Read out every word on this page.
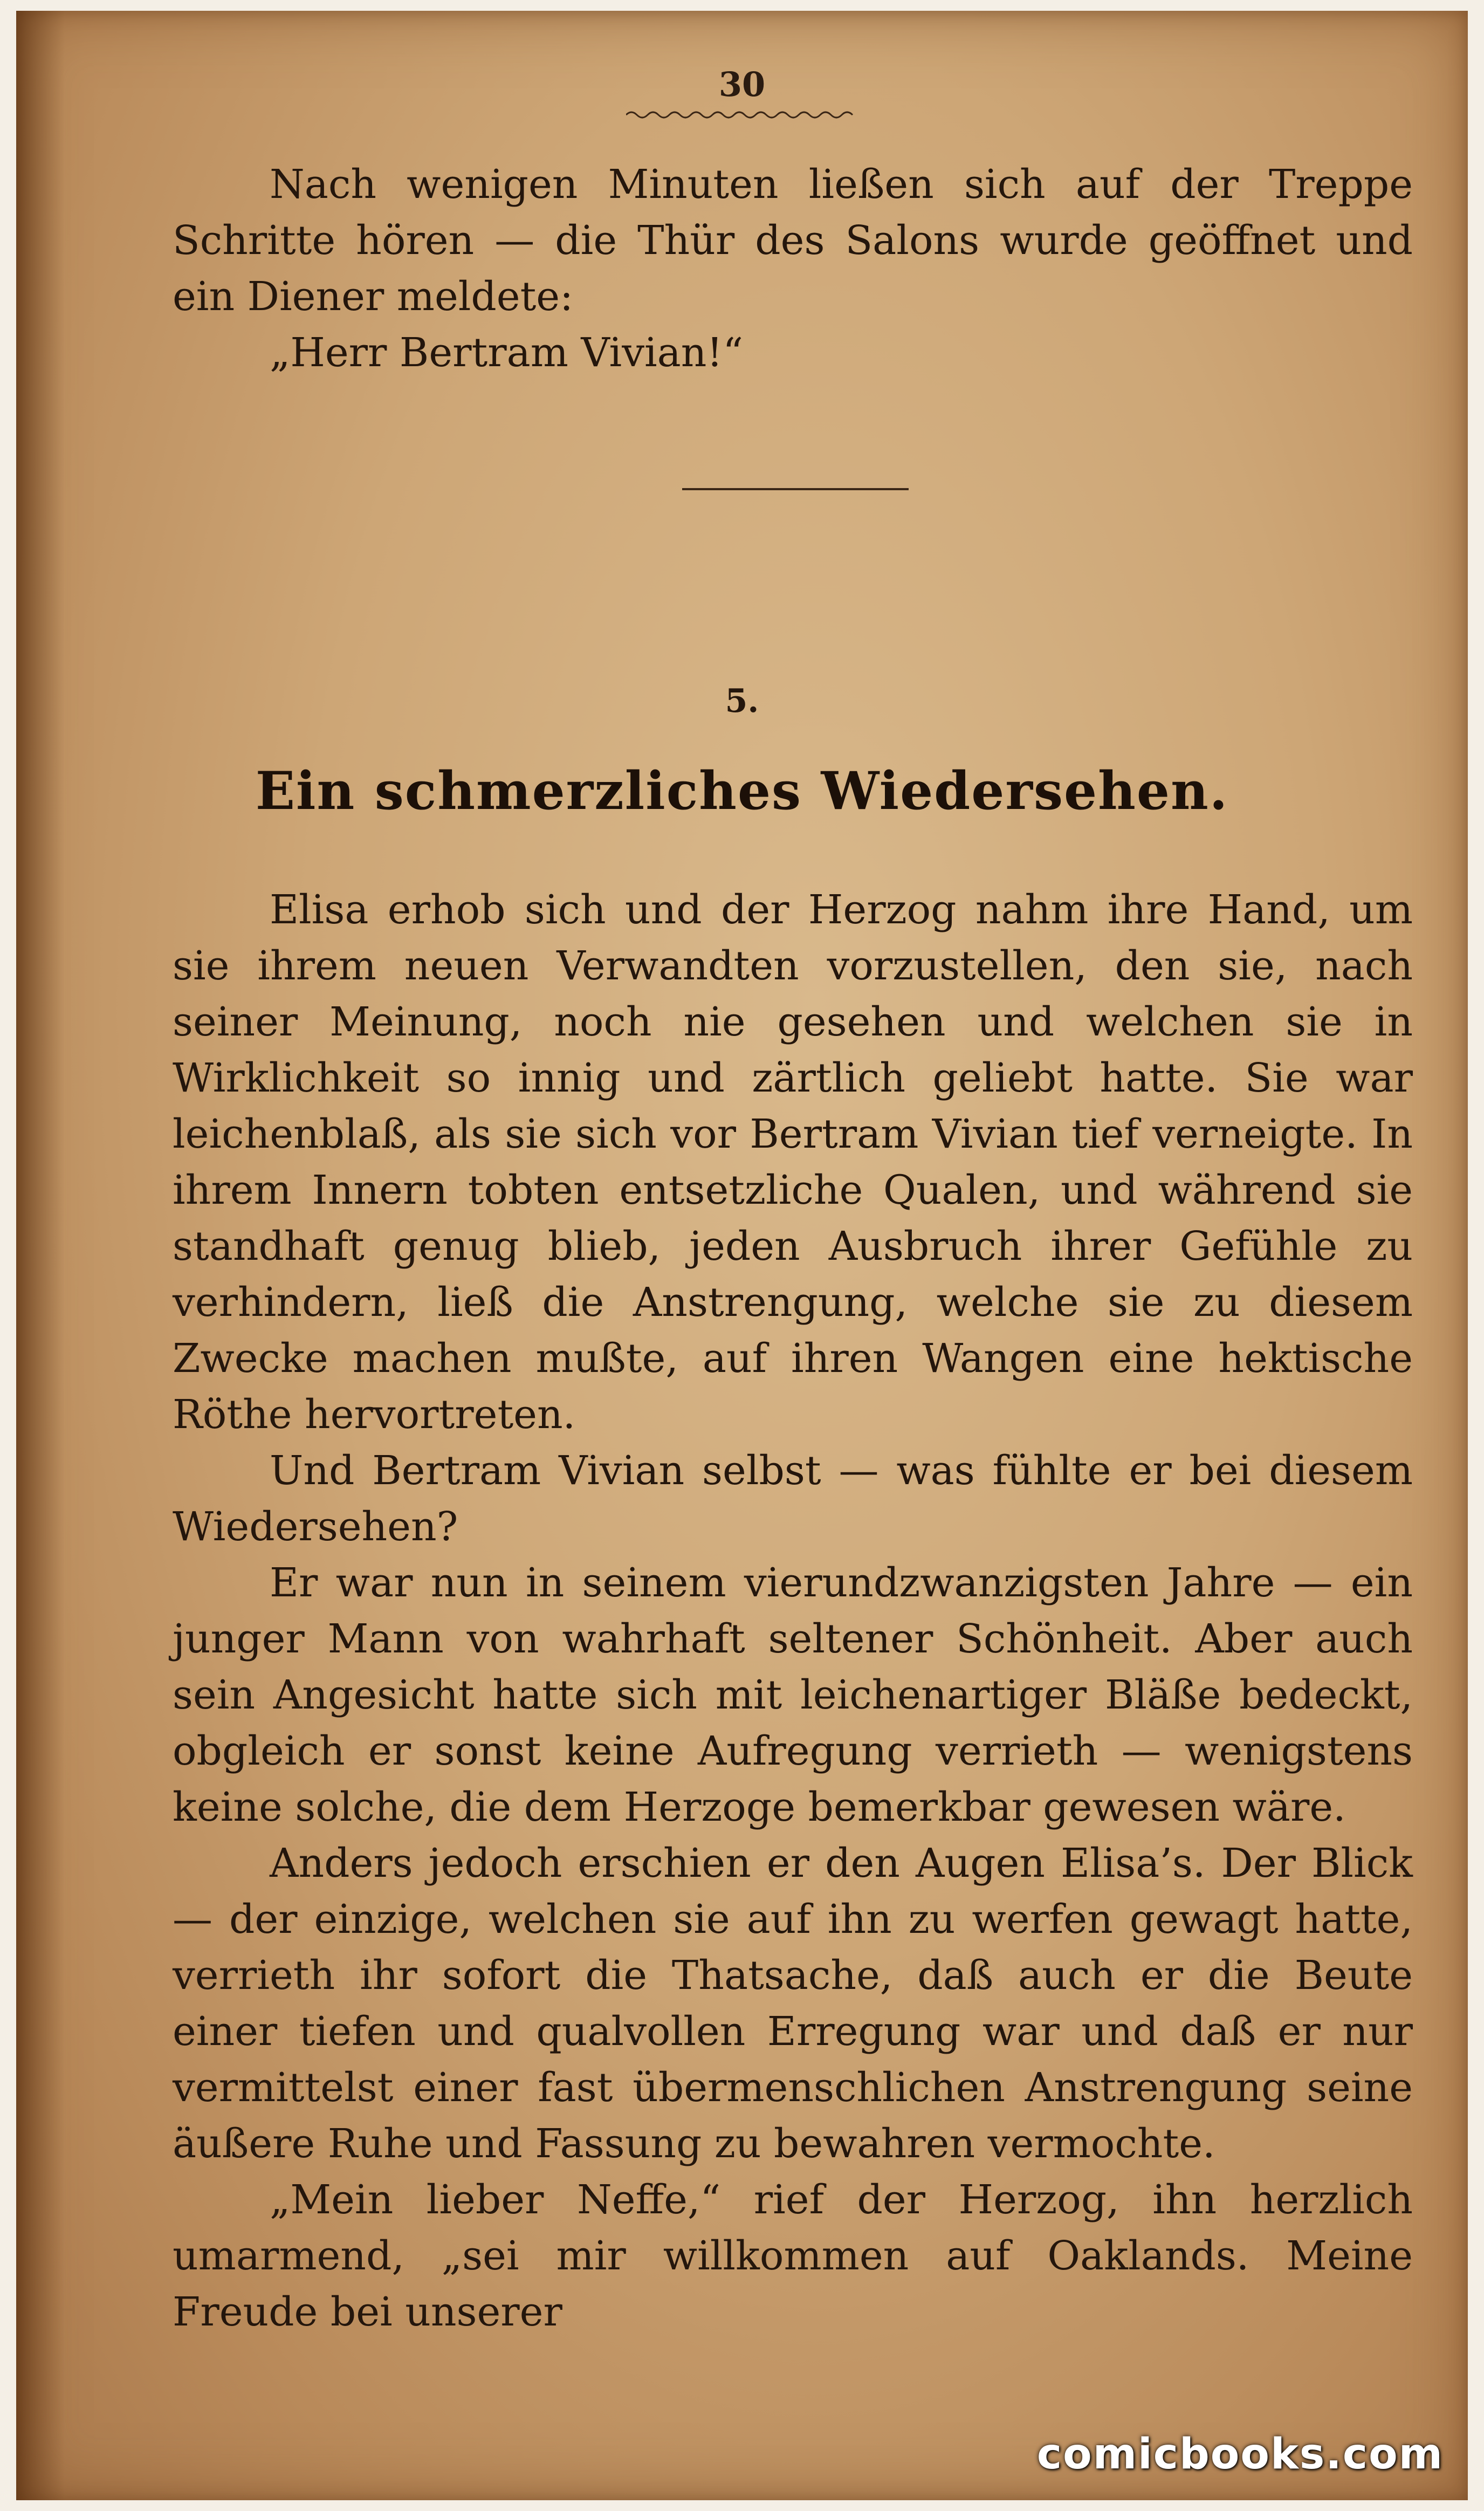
30

Nach wenigen Minuten ließen sich auf der Treppe Schritte hören — die Thür des Salons wurde geöffnet und ein Diener meldete:

„Herr Bertram Vivian!“

5.
Ein schmerzliches Wiedersehen.

Elisa erhob sich und der Herzog nahm ihre Hand, um sie ihrem neuen Verwandten vorzustellen, den sie, nach seiner Meinung, noch nie gesehen und welchen sie in Wirklichkeit so innig und zärtlich geliebt hatte. Sie war leichenblaß, als sie sich vor Bertram Vivian tief verneigte. In ihrem Innern tobten entsetzliche Qualen, und während sie standhaft genug blieb, jeden Ausbruch ihrer Gefühle zu verhindern, ließ die Anstrengung, welche sie zu diesem Zwecke machen mußte, auf ihren Wangen eine hektische Röthe hervortreten.

Und Bertram Vivian selbst — was fühlte er bei diesem Wiedersehen?

Er war nun in seinem vierundzwanzigsten Jahre — ein junger Mann von wahrhaft seltener Schönheit. Aber auch sein Angesicht hatte sich mit leichenartiger Bläße bedeckt, obgleich er sonst keine Aufregung verrieth — wenigstens keine solche, die dem Herzoge bemerkbar gewesen wäre.

Anders jedoch erschien er den Augen Elisa’s. Der Blick — der einzige, welchen sie auf ihn zu werfen gewagt hatte, verrieth ihr sofort die Thatsache, daß auch er die Beute einer tiefen und qualvollen Erregung war und daß er nur vermittelst einer fast übermenschlichen Anstrengung seine äußere Ruhe und Fassung zu bewahren vermochte.

„Mein lieber Neffe,“ rief der Herzog, ihn herzlich umarmend, „sei mir willkommen auf Oaklands. Meine Freude bei unserer

comicbooks.com
